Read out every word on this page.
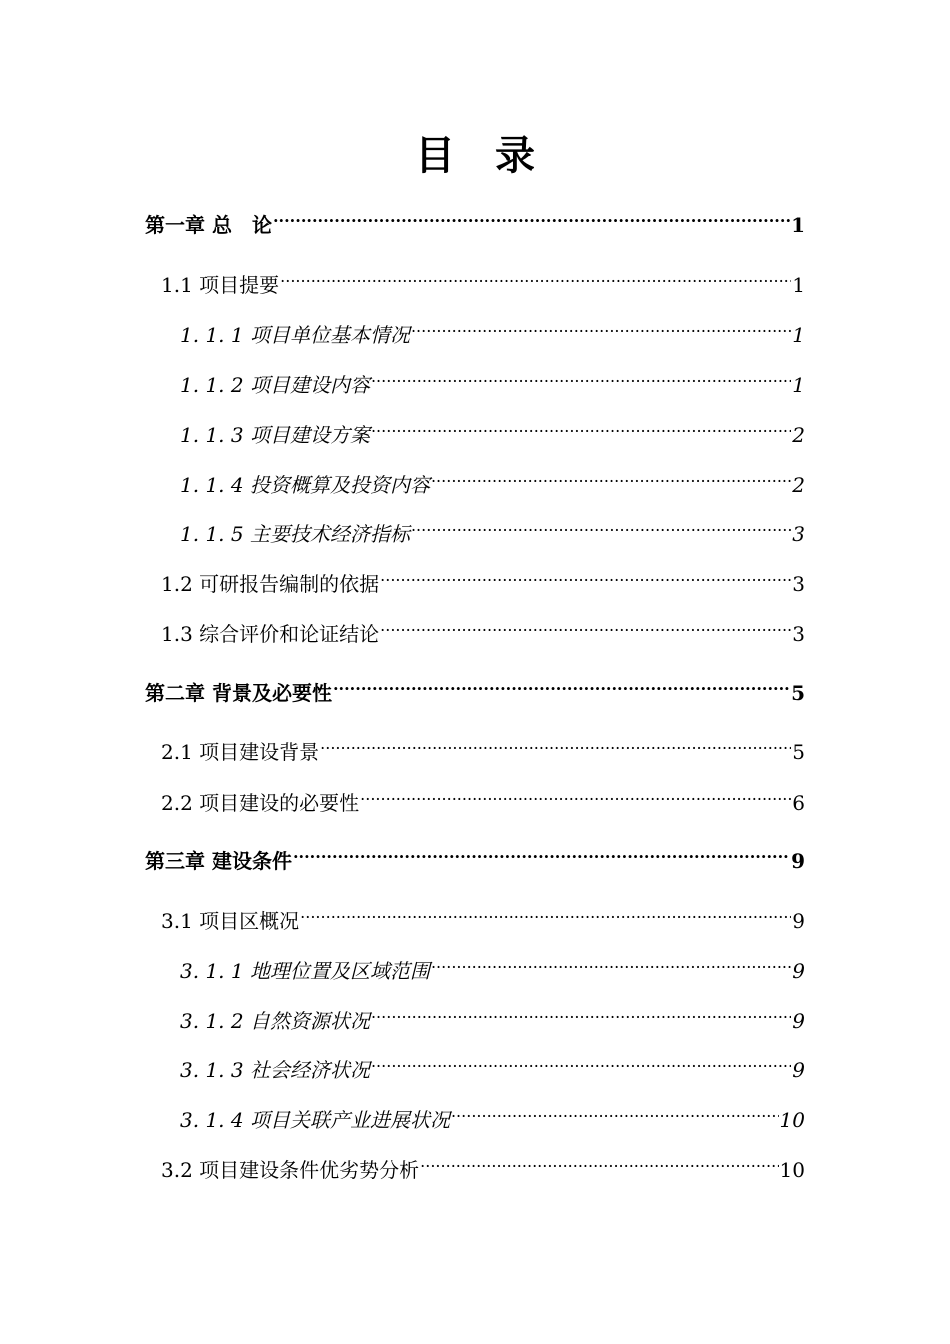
目 录
第一章 总　论 .....	1
1.1 项目提要 .....	1
1. 1. 1 项目单位基本情况 .....	1
1. 1. 2 项目建设内容 .....	1
1. 1. 3 项目建设方案 .....	2
1. 1. 4 投资概算及投资内容 .....	2
1. 1. 5 主要技术经济指标 .....	3
1.2 可研报告编制的依据 .....	3
1.3 综合评价和论证结论 .....	3
第二章 背景及必要性 .....	5
2.1 项目建设背景 .....	5
2.2 项目建设的必要性 .....	6
第三章 建设条件 .....	9
3.1 项目区概况 .....	9
3. 1. 1 地理位置及区域范围 .....	9
3. 1. 2 自然资源状况 .....	9
3. 1. 3 社会经济状况 .....	9
3. 1. 4 项目关联产业进展状况 .....	10
3.2 项目建设条件优劣势分析 .....	10
